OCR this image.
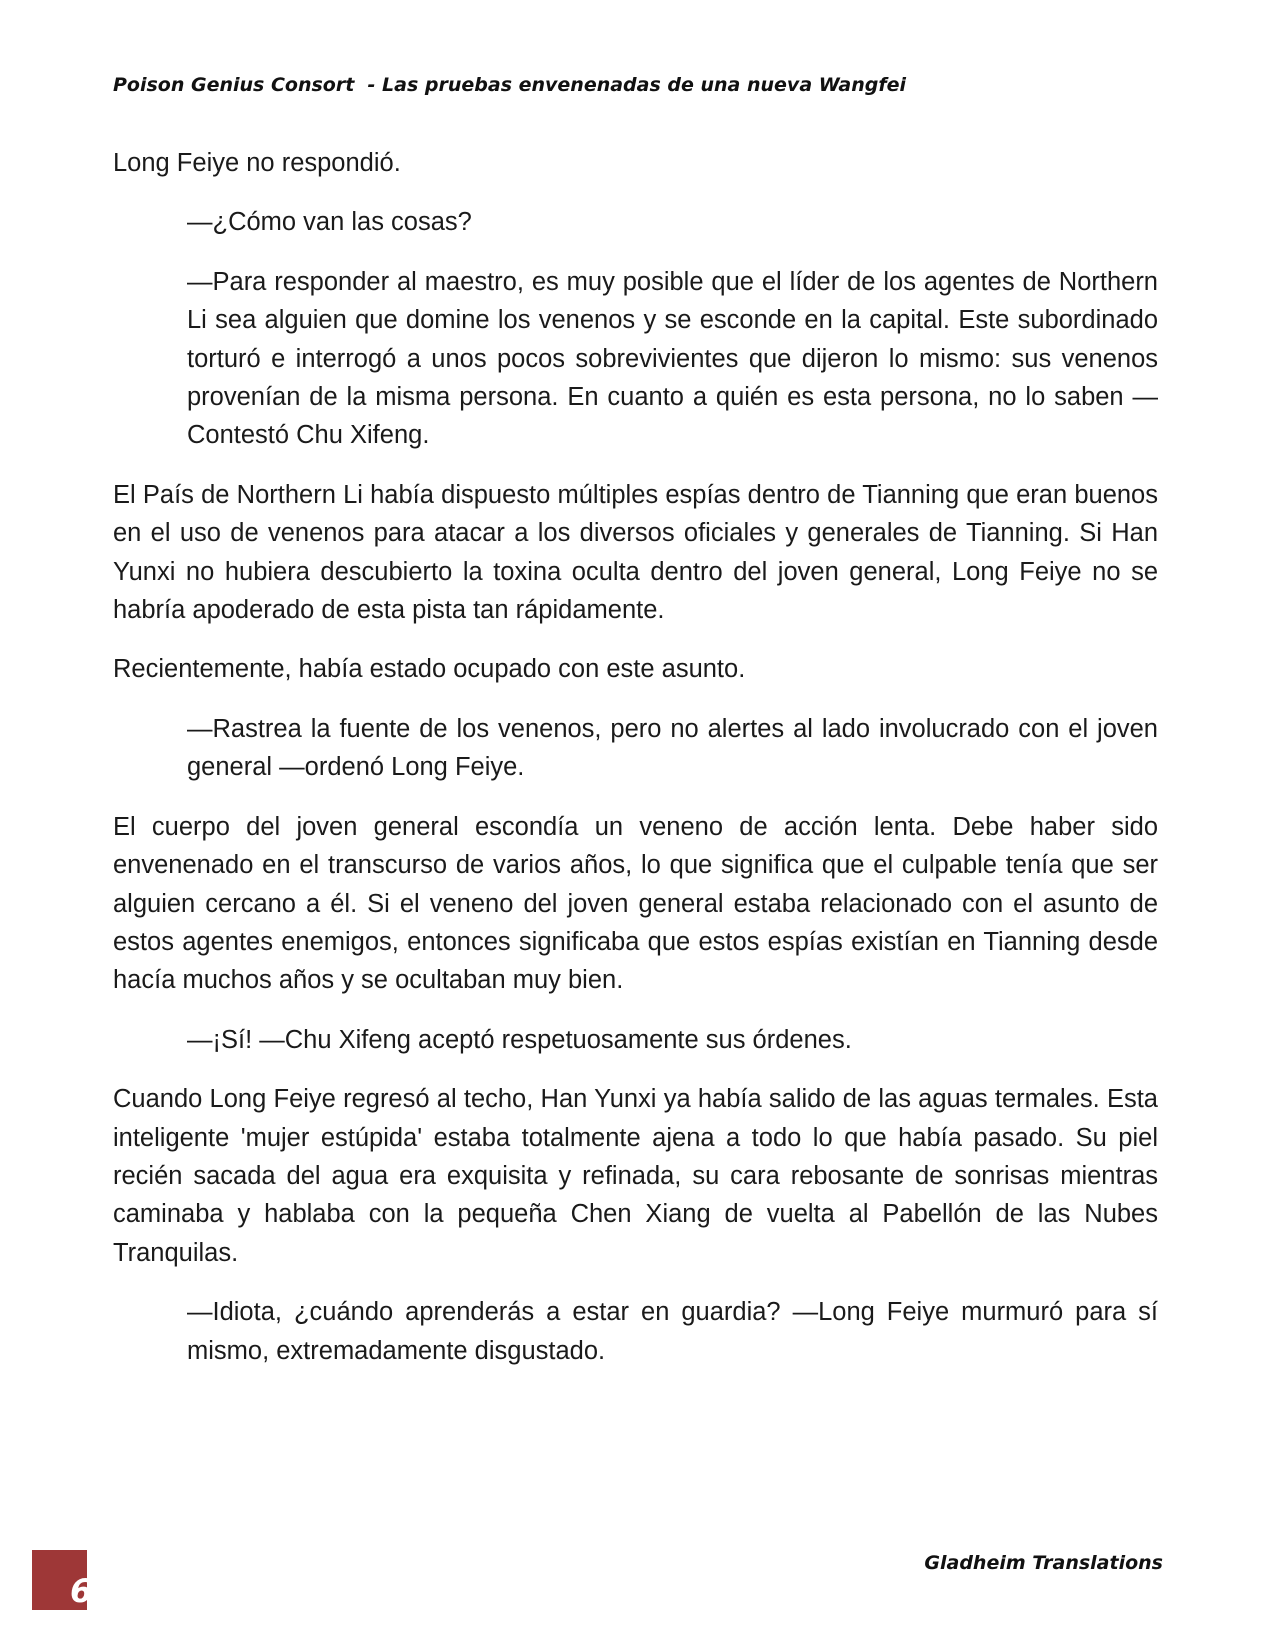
Poison Genius Consort  - Las pruebas envenenadas de una nueva Wangfei

Long Feiye no respondió.

—¿Cómo van las cosas?

—Para responder al maestro, es muy posible que el líder de los agentes de Northern Li sea alguien que domine los venenos y se esconde en la capital. Este subordinado torturó e interrogó a unos pocos sobrevivientes que dijeron lo mismo: sus venenos provenían de la misma persona. En cuanto a quién es esta persona, no lo saben —Contestó Chu Xifeng.

El País de Northern Li había dispuesto múltiples espías dentro de Tianning que eran buenos en el uso de venenos para atacar a los diversos oficiales y generales de Tianning. Si Han Yunxi no hubiera descubierto la toxina oculta dentro del joven general, Long Feiye no se habría apoderado de esta pista tan rápidamente.

Recientemente, había estado ocupado con este asunto.

—Rastrea la fuente de los venenos, pero no alertes al lado involucrado con el joven general —ordenó Long Feiye.

El cuerpo del joven general escondía un veneno de acción lenta. Debe haber sido envenenado en el transcurso de varios años, lo que significa que el culpable tenía que ser alguien cercano a él. Si el veneno del joven general estaba relacionado con el asunto de estos agentes enemigos, entonces significaba que estos espías existían en Tianning desde hacía muchos años y se ocultaban muy bien.

—¡Sí! —Chu Xifeng aceptó respetuosamente sus órdenes.

Cuando Long Feiye regresó al techo, Han Yunxi ya había salido de las aguas termales. Esta inteligente 'mujer estúpida' estaba totalmente ajena a todo lo que había pasado. Su piel recién sacada del agua era exquisita y refinada, su cara rebosante de sonrisas mientras caminaba y hablaba con la pequeña Chen Xiang de vuelta al Pabellón de las Nubes Tranquilas.

—Idiota, ¿cuándo aprenderás a estar en guardia? —Long Feiye murmuró para sí mismo, extremadamente disgustado.

6
Gladheim Translations
